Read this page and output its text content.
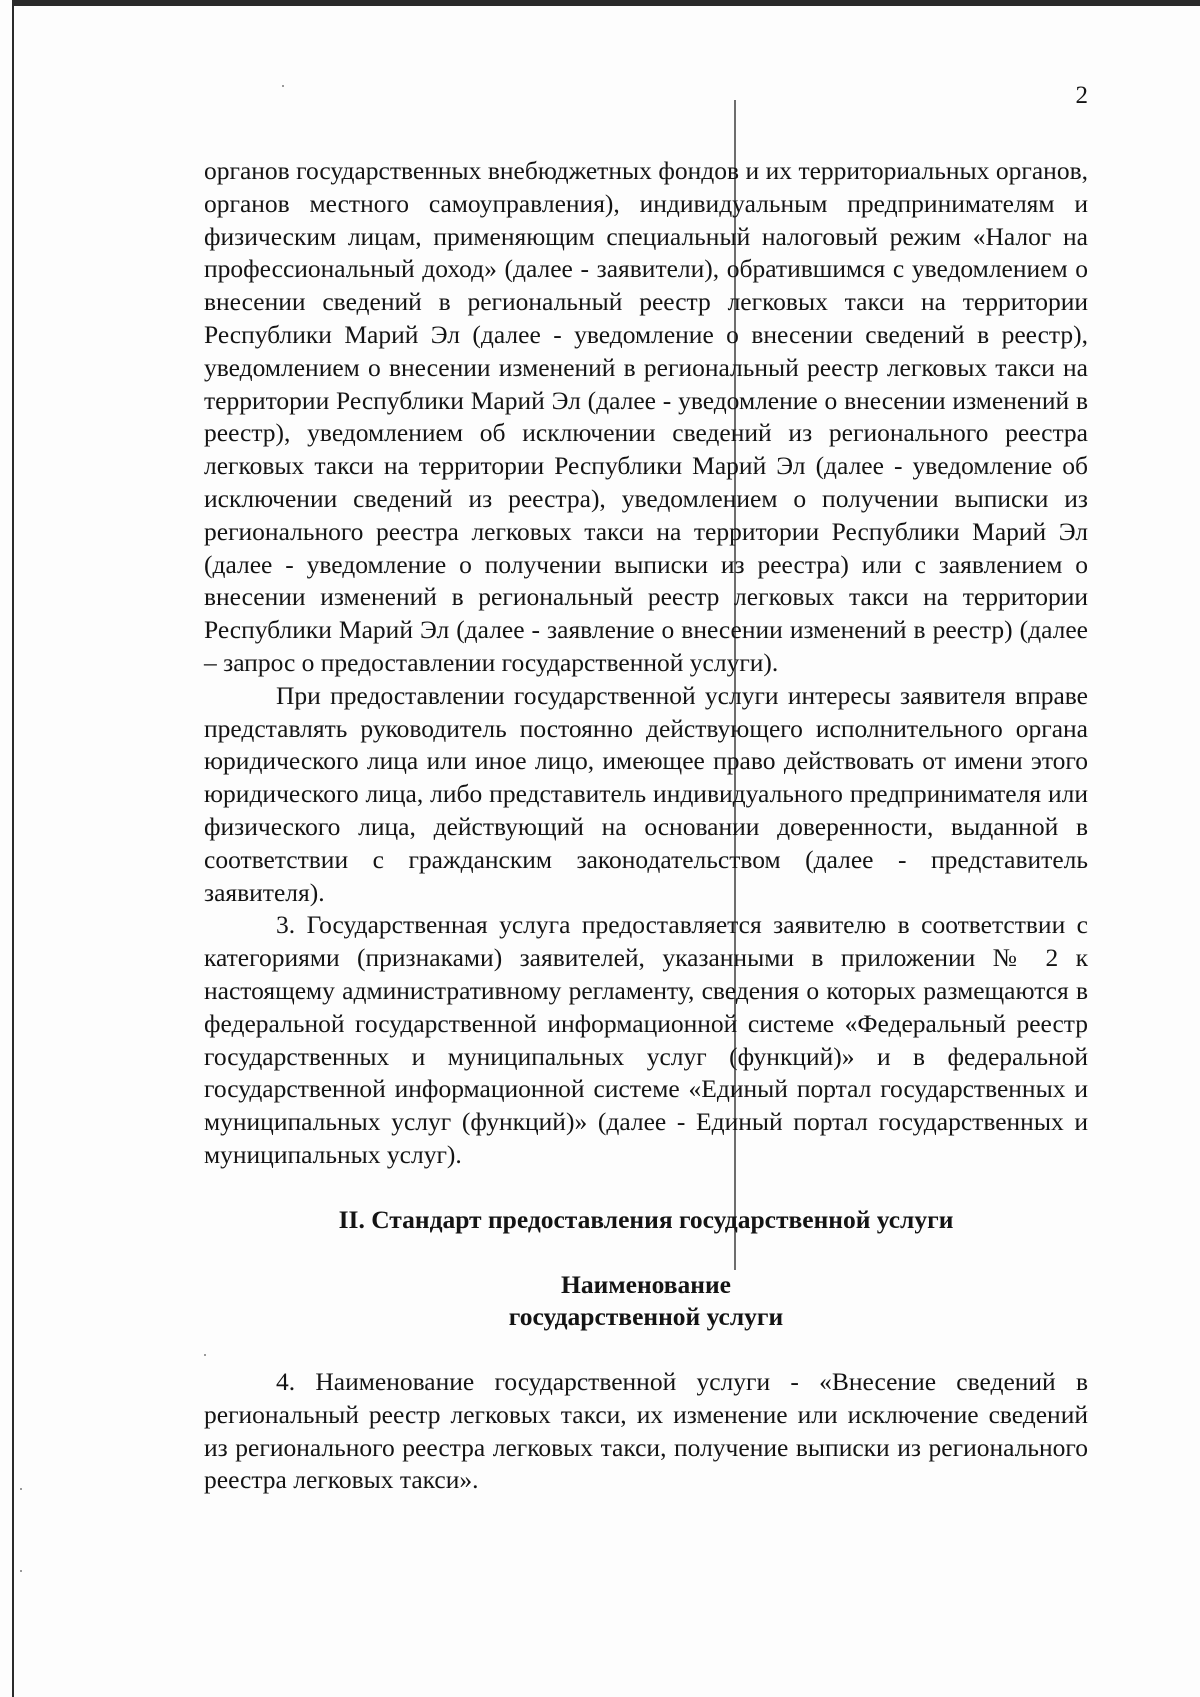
2

органов государственных внебюджетных фондов и их территориальных органов, органов местного самоуправления), индивидуальным предпринимателям и физическим лицам, применяющим специальный налоговый режим «Налог на профессиональный доход» (далее - заявители), обратившимся с уведомлением о внесении сведений в региональный реестр легковых такси на территории Республики Марий Эл (далее - уведомление о внесении сведений в реестр), уведомлением о внесении изменений в региональный реестр легковых такси на территории Республики Марий Эл (далее - уведомление о внесении изменений в реестр), уведомлением об исключении сведений из регионального реестра легковых такси на территории Республики Марий Эл (далее - уведомление об исключении сведений из реестра), уведомлением о получении выписки из регионального реестра легковых такси на территории Республики Марий Эл (далее - уведомление о получении выписки из реестра) или с заявлением о внесении изменений в региональный реестр легковых такси на территории Республики Марий Эл (далее - заявление о внесении изменений в реестр) (далее – запрос о предоставлении государственной услуги).

При предоставлении государственной услуги интересы заявителя вправе представлять руководитель постоянно действующего исполнительного органа юридического лица или иное лицо, имеющее право действовать от имени этого юридического лица, либо представитель индивидуального предпринимателя или физического лица, действующий на основании доверенности, выданной в соответствии с гражданским законодательством (далее - представитель заявителя).

3. Государственная услуга предоставляется заявителю в соответствии с категориями (признаками) заявителей, указанными в приложении № 2 к настоящему административному регламенту, сведения о которых размещаются в федеральной государственной информационной системе «Федеральный реестр государственных и муниципальных услуг (функций)» и в федеральной государственной информационной системе «Единый портал государственных и муниципальных услуг (функций)» (далее - Единый портал государственных и муниципальных услуг).

II. Стандарт предоставления государственной услуги

Наименование
государственной услуги

4. Наименование государственной услуги - «Внесение сведений в региональный реестр легковых такси, их изменение или исключение сведений из регионального реестра легковых такси, получение выписки из регионального реестра легковых такси».
